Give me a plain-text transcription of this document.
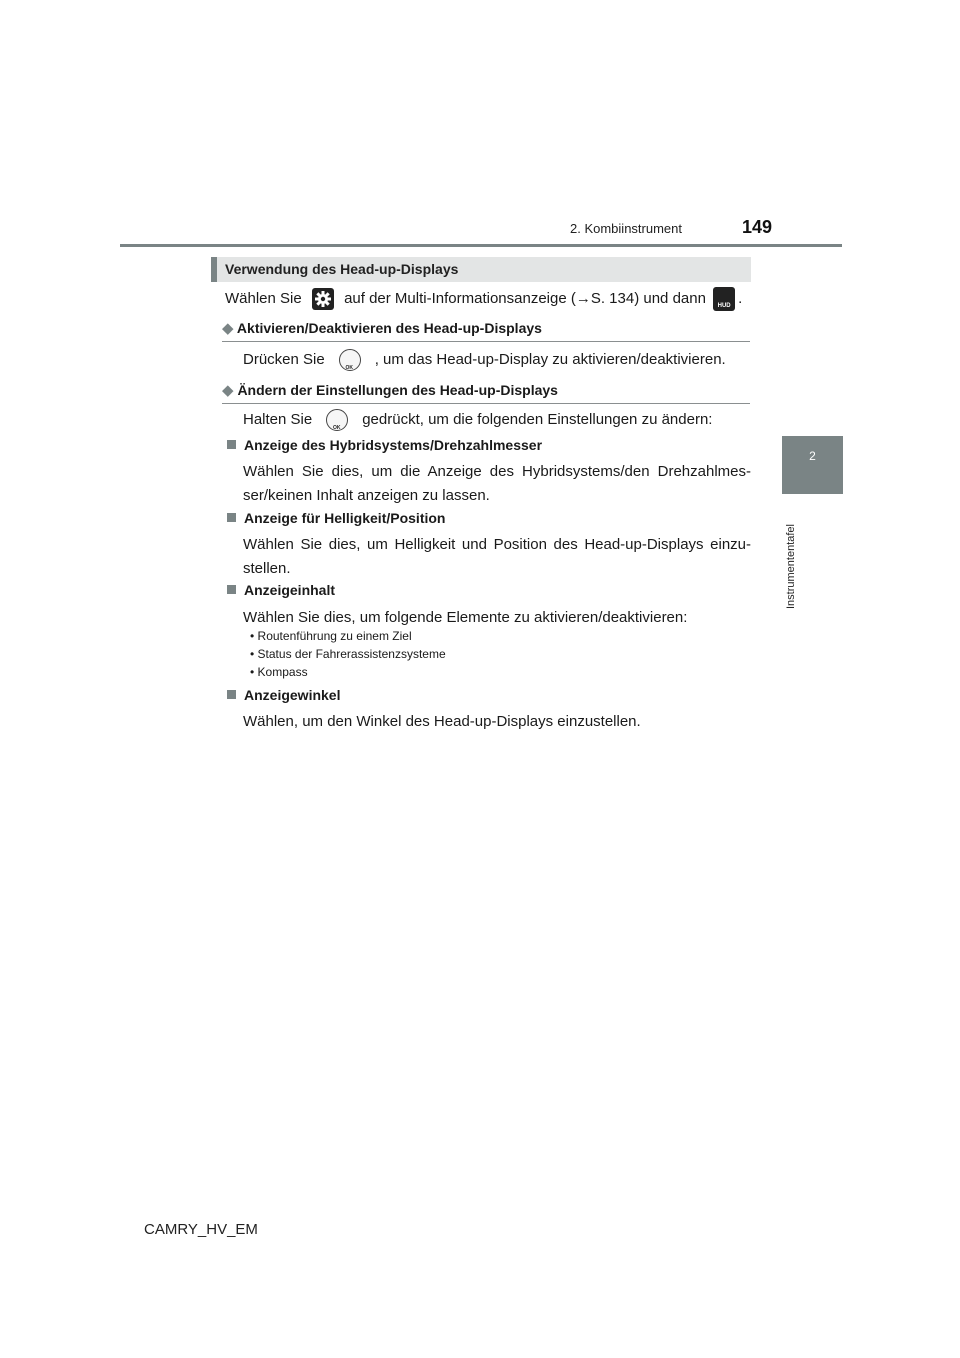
2. Kombiinstrument	149
2
Instrumententafel
Verwendung des Head-up-Displays
Wählen Sie	auf der Multi-Informationsanzeige (→S. 134) und dann	HUD .
◆ Aktivieren/Deaktivieren des Head-up-Displays
Drücken Sie
OK
, um das Head-up-Display zu aktivieren/deaktivieren.
◆ Ändern der Einstellungen des Head-up-Displays
Halten Sie
OK
gedrückt, um die folgenden Einstellungen zu ändern:
Anzeige des Hybridsystems/Drehzahlmesser
Wählen Sie dies, um die Anzeige des Hybridsystems/den Drehzahlmes-ser/keinen Inhalt anzeigen zu lassen.
Anzeige für Helligkeit/Position
Wählen Sie dies, um Helligkeit und Position des Head-up-Displays einzu-stellen.
Anzeigeinhalt
Wählen Sie dies, um folgende Elemente zu aktivieren/deaktivieren:
• Routenführung zu einem Ziel
• Status der Fahrerassistenzsysteme
• Kompass
Anzeigewinkel
Wählen, um den Winkel des Head-up-Displays einzustellen.
CAMRY_HV_EM
